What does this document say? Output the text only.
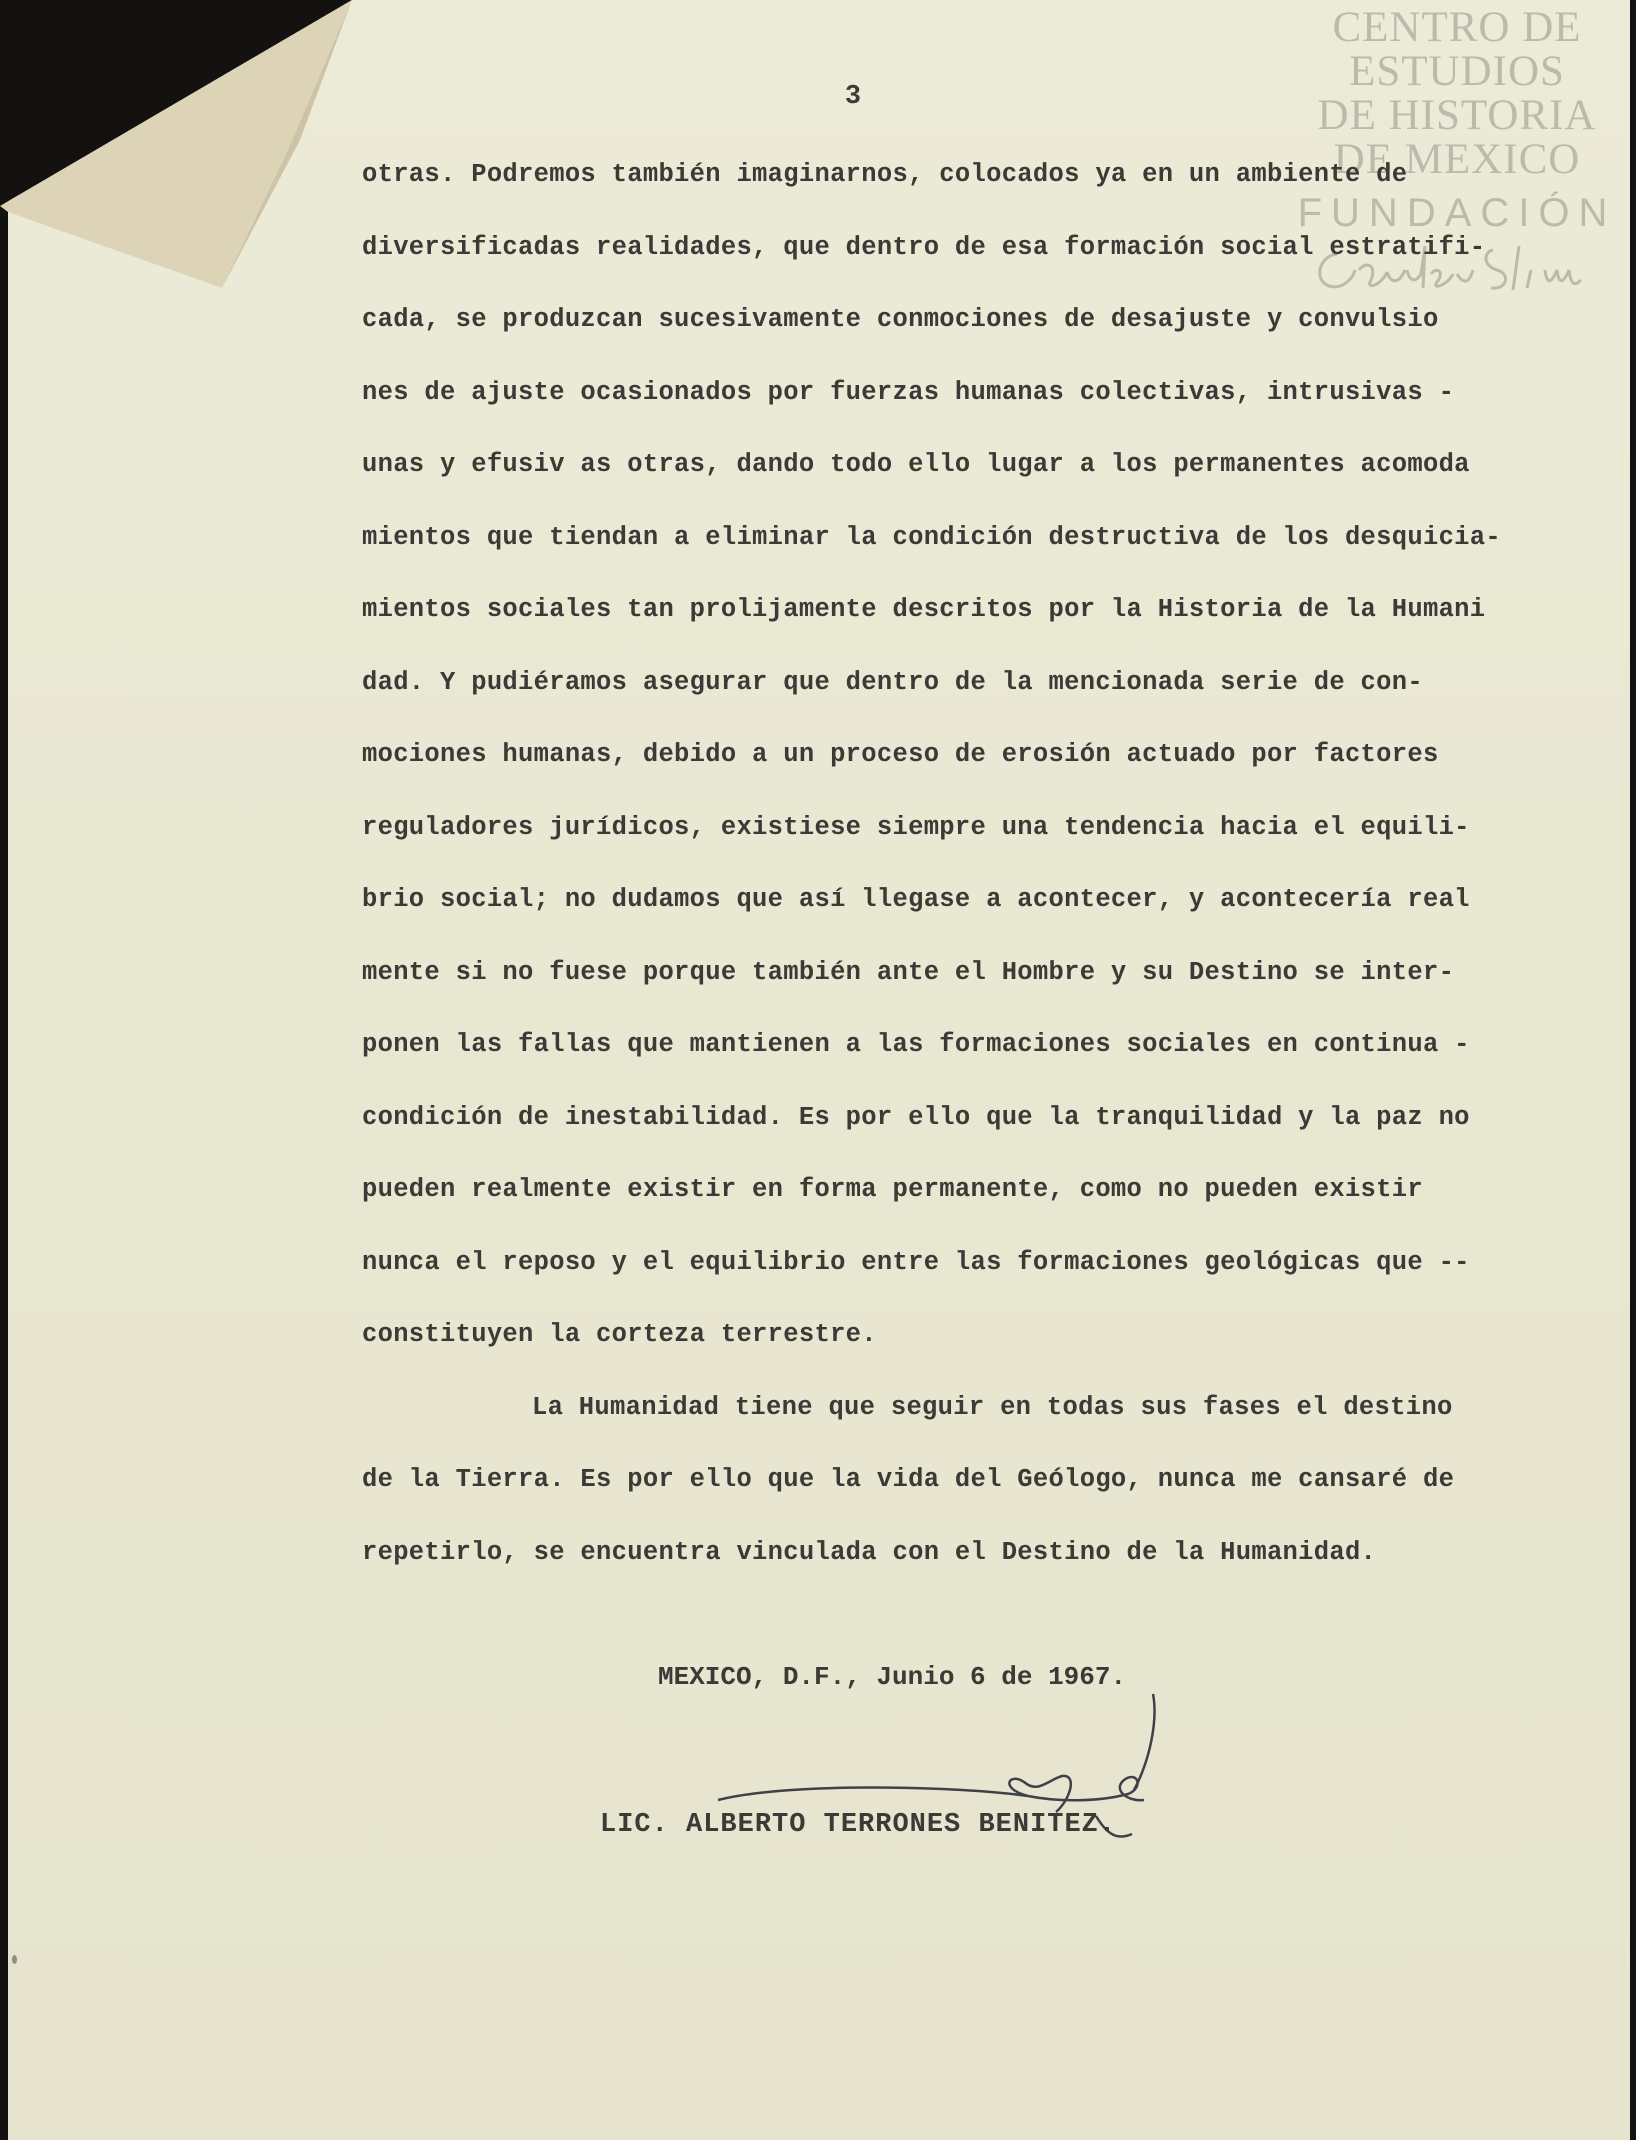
CENTRO DE
ESTUDIOS
DE HISTORIA
DE MEXICO
FUNDACIÓN
3
otras. Podremos también imaginarnos, colocados ya en un ambiente de
diversificadas realidades, que dentro de esa formación social estratifi-
cada, se produzcan sucesivamente conmociones de desajuste y convulsio
nes de ajuste ocasionados por fuerzas humanas colectivas, intrusivas -
unas y efusiv as otras, dando todo ello lugar a los permanentes acomoda
mientos que tiendan a eliminar la condición destructiva de los desquicia-
mientos sociales tan prolijamente descritos por la Historia de la Humani
dad. Y pudiéramos asegurar que dentro de la mencionada serie de con-
mociones humanas, debido a un proceso de erosión actuado por factores
reguladores jurídicos, existiese siempre una tendencia hacia el equili-
brio social; no dudamos que así llegase a acontecer, y acontecería real
mente si no fuese porque también ante el Hombre y su Destino se inter-
ponen las fallas que mantienen a las formaciones sociales en continua -
condición de inestabilidad. Es por ello que la tranquilidad y la paz no
pueden realmente existir en forma permanente, como no pueden existir
nunca el reposo y el equilibrio entre las formaciones geológicas que --
constituyen la corteza terrestre.
La Humanidad tiene que seguir en todas sus fases el destino
de la Tierra. Es por ello que la vida del Geólogo, nunca me cansaré de
repetirlo, se encuentra vinculada con el Destino de la Humanidad.
MEXICO, D.F., Junio 6 de 1967.
LIC. ALBERTO TERRONES BENITEZ.
